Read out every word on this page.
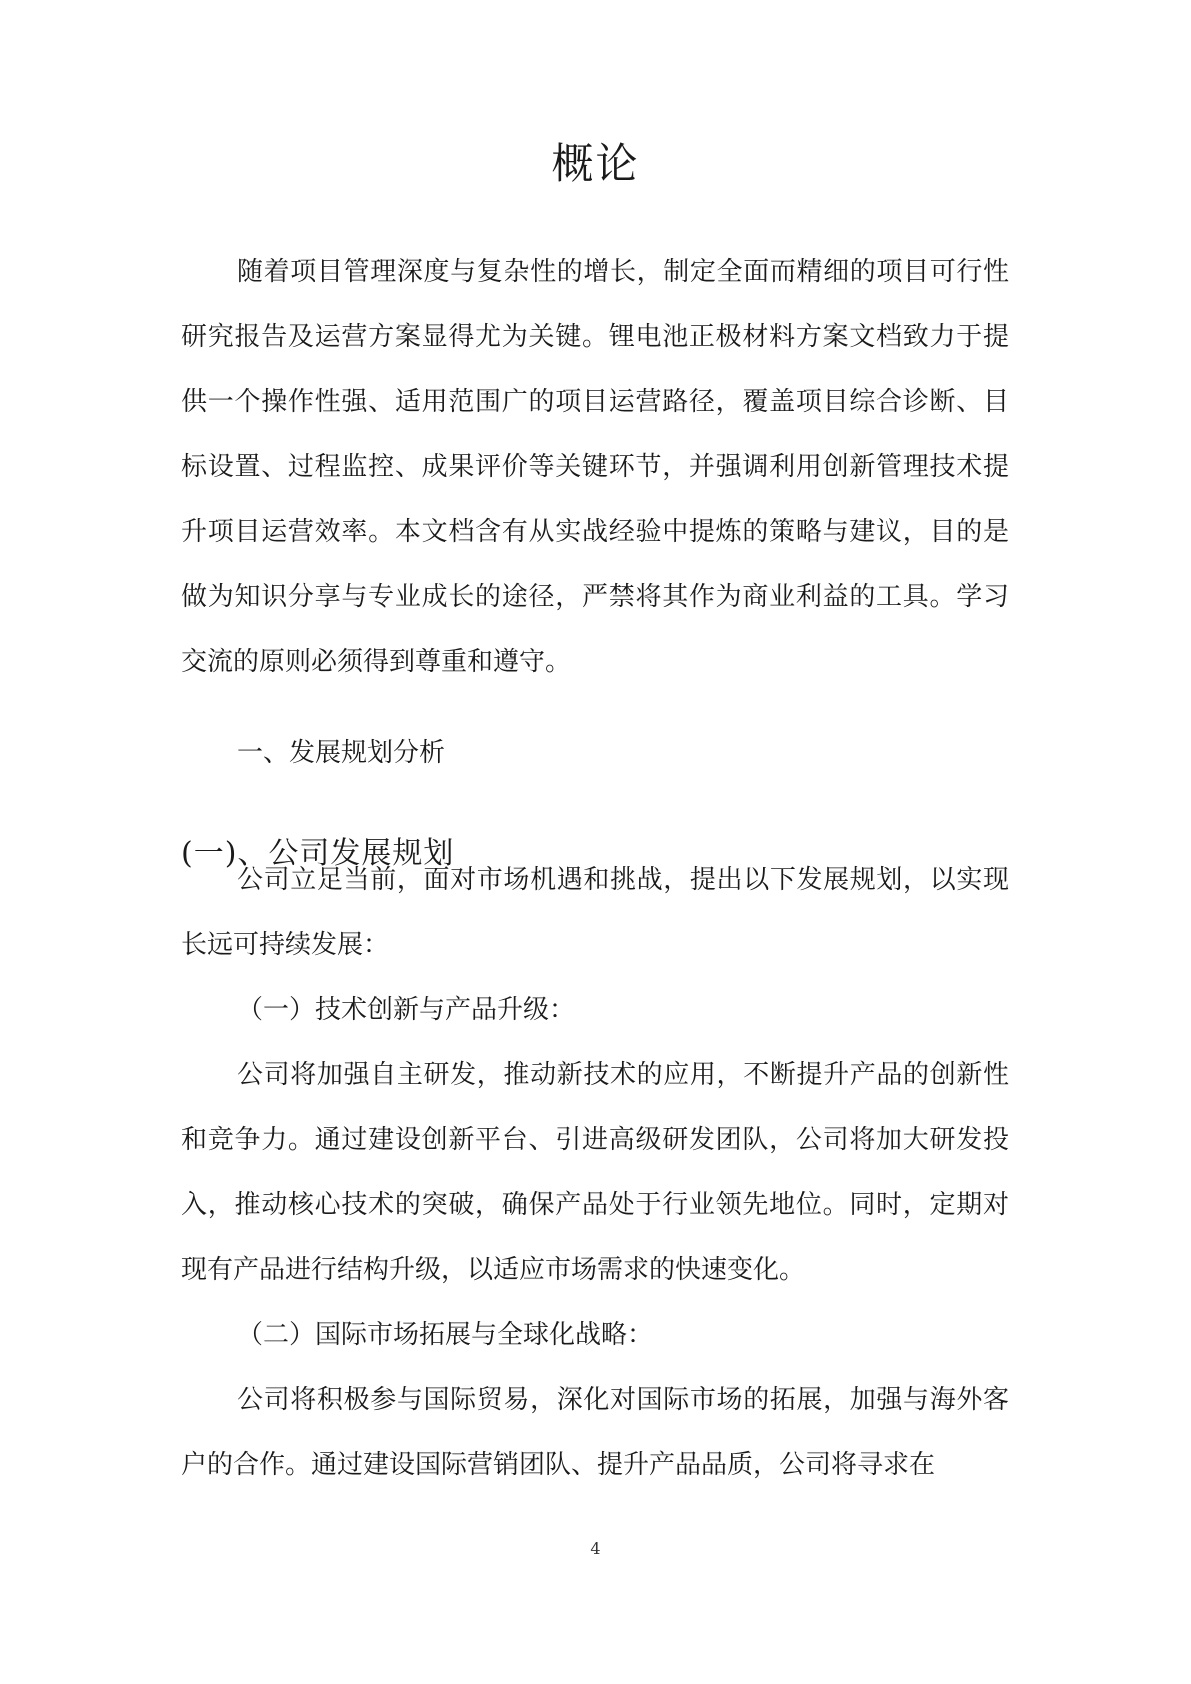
概论

随着项目管理深度与复杂性的增长，制定全面而精细的项目可行性研究报告及运营方案显得尤为关键。锂电池正极材料方案文档致力于提供一个操作性强、适用范围广的项目运营路径，覆盖项目综合诊断、目标设置、过程监控、成果评价等关键环节，并强调利用创新管理技术提升项目运营效率。本文档含有从实战经验中提炼的策略与建议，目的是做为知识分享与专业成长的途径，严禁将其作为商业利益的工具。学习交流的原则必须得到尊重和遵守。

一、发展规划分析

(一)、公司发展规划

公司立足当前，面对市场机遇和挑战，提出以下发展规划，以实现长远可持续发展：

（一）技术创新与产品升级：

公司将加强自主研发，推动新技术的应用，不断提升产品的创新性和竞争力。通过建设创新平台、引进高级研发团队，公司将加大研发投入，推动核心技术的突破，确保产品处于行业领先地位。同时，定期对现有产品进行结构升级，以适应市场需求的快速变化。

（二）国际市场拓展与全球化战略：

公司将积极参与国际贸易，深化对国际市场的拓展，加强与海外客户的合作。通过建设国际营销团队、提升产品品质，公司将寻求在

4
